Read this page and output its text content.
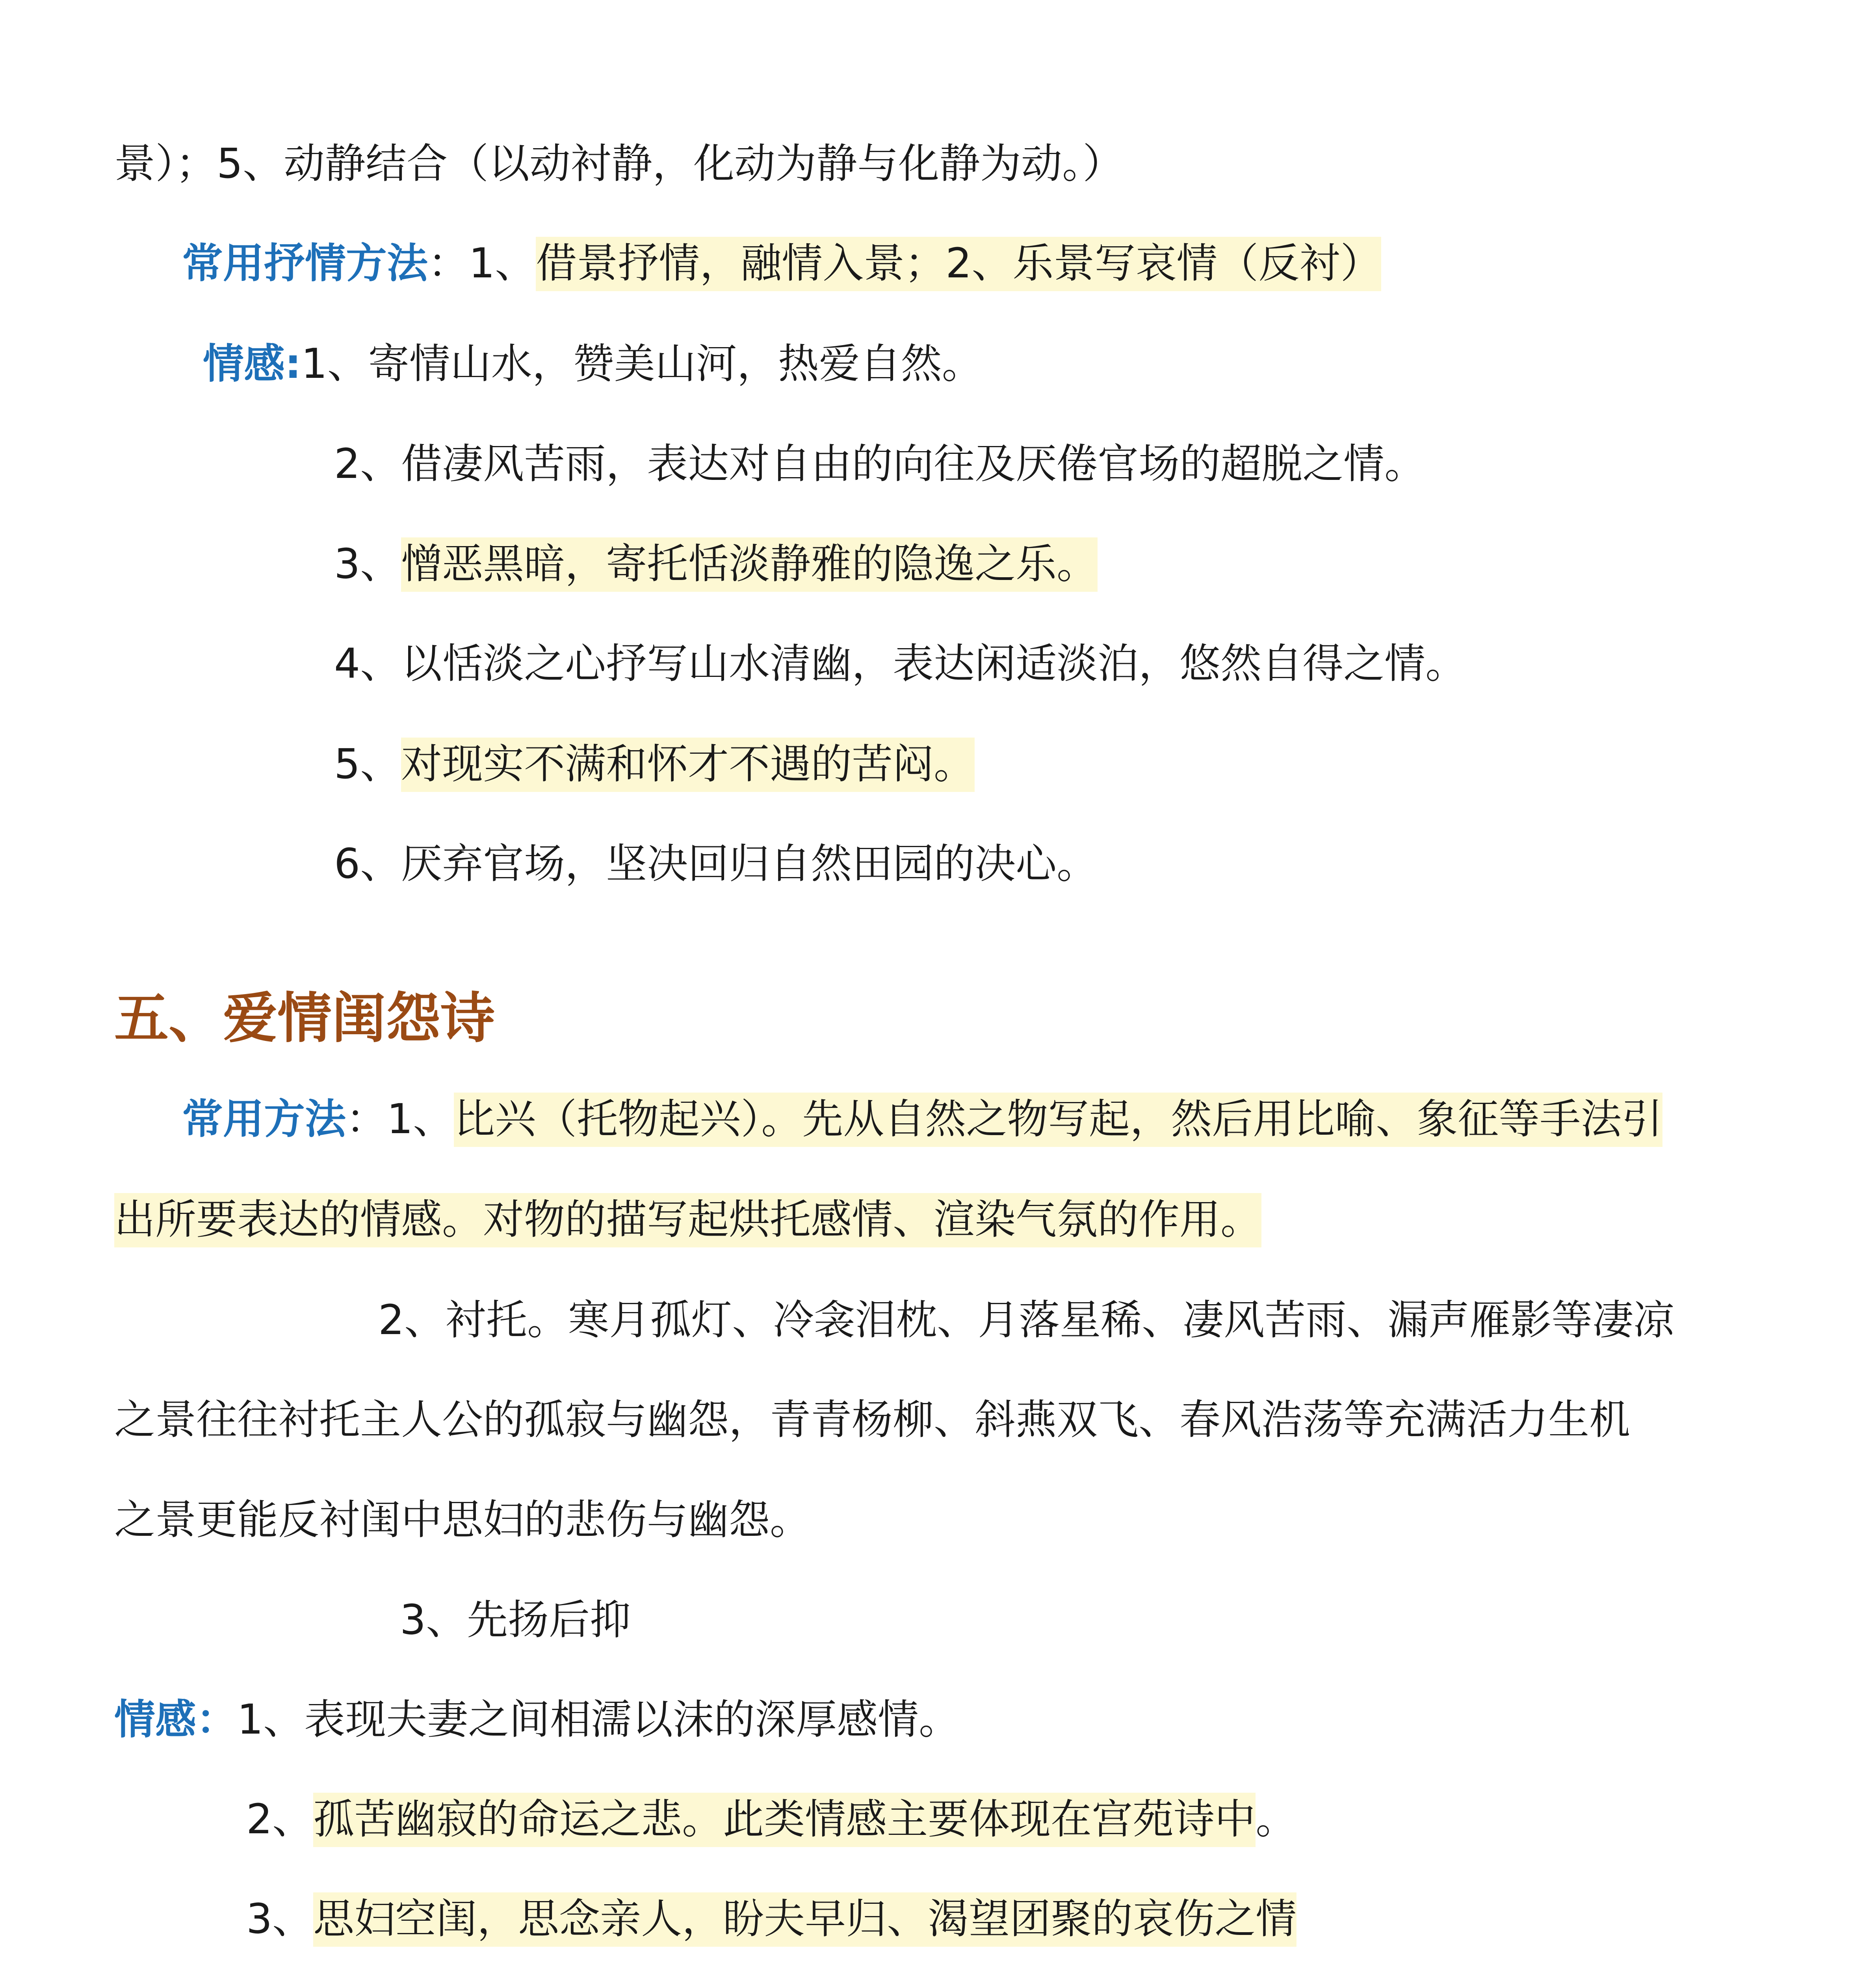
景）；5、动静结合（以动衬静，化动为静与化静为动。）
常用抒情方法：1、借景抒情，融情入景；2、乐景写哀情（反衬）
情感:1、寄情山水，赞美山河，热爱自然。
2、借凄风苦雨，表达对自由的向往及厌倦官场的超脱之情。
3、憎恶黑暗，寄托恬淡静雅的隐逸之乐。
4、以恬淡之心抒写山水清幽，表达闲适淡泊，悠然自得之情。
5、对现实不满和怀才不遇的苦闷。
6、厌弃官场，坚决回归自然田园的决心。
五、爱情闺怨诗
常用方法：1、比兴（托物起兴）。先从自然之物写起，然后用比喻、象征等手法引
出所要表达的情感。对物的描写起烘托感情、渲染气氛的作用。
2、衬托。寒月孤灯、冷衾泪枕、月落星稀、凄风苦雨、漏声雁影等凄凉
之景往往衬托主人公的孤寂与幽怨，青青杨柳、斜燕双飞、春风浩荡等充满活力生机
之景更能反衬闺中思妇的悲伤与幽怨。
3、先扬后抑
情感：1、表现夫妻之间相濡以沫的深厚感情。
2、孤苦幽寂的命运之悲。此类情感主要体现在宫苑诗中。
3、思妇空闺，思念亲人，盼夫早归、渴望团聚的哀伤之情
